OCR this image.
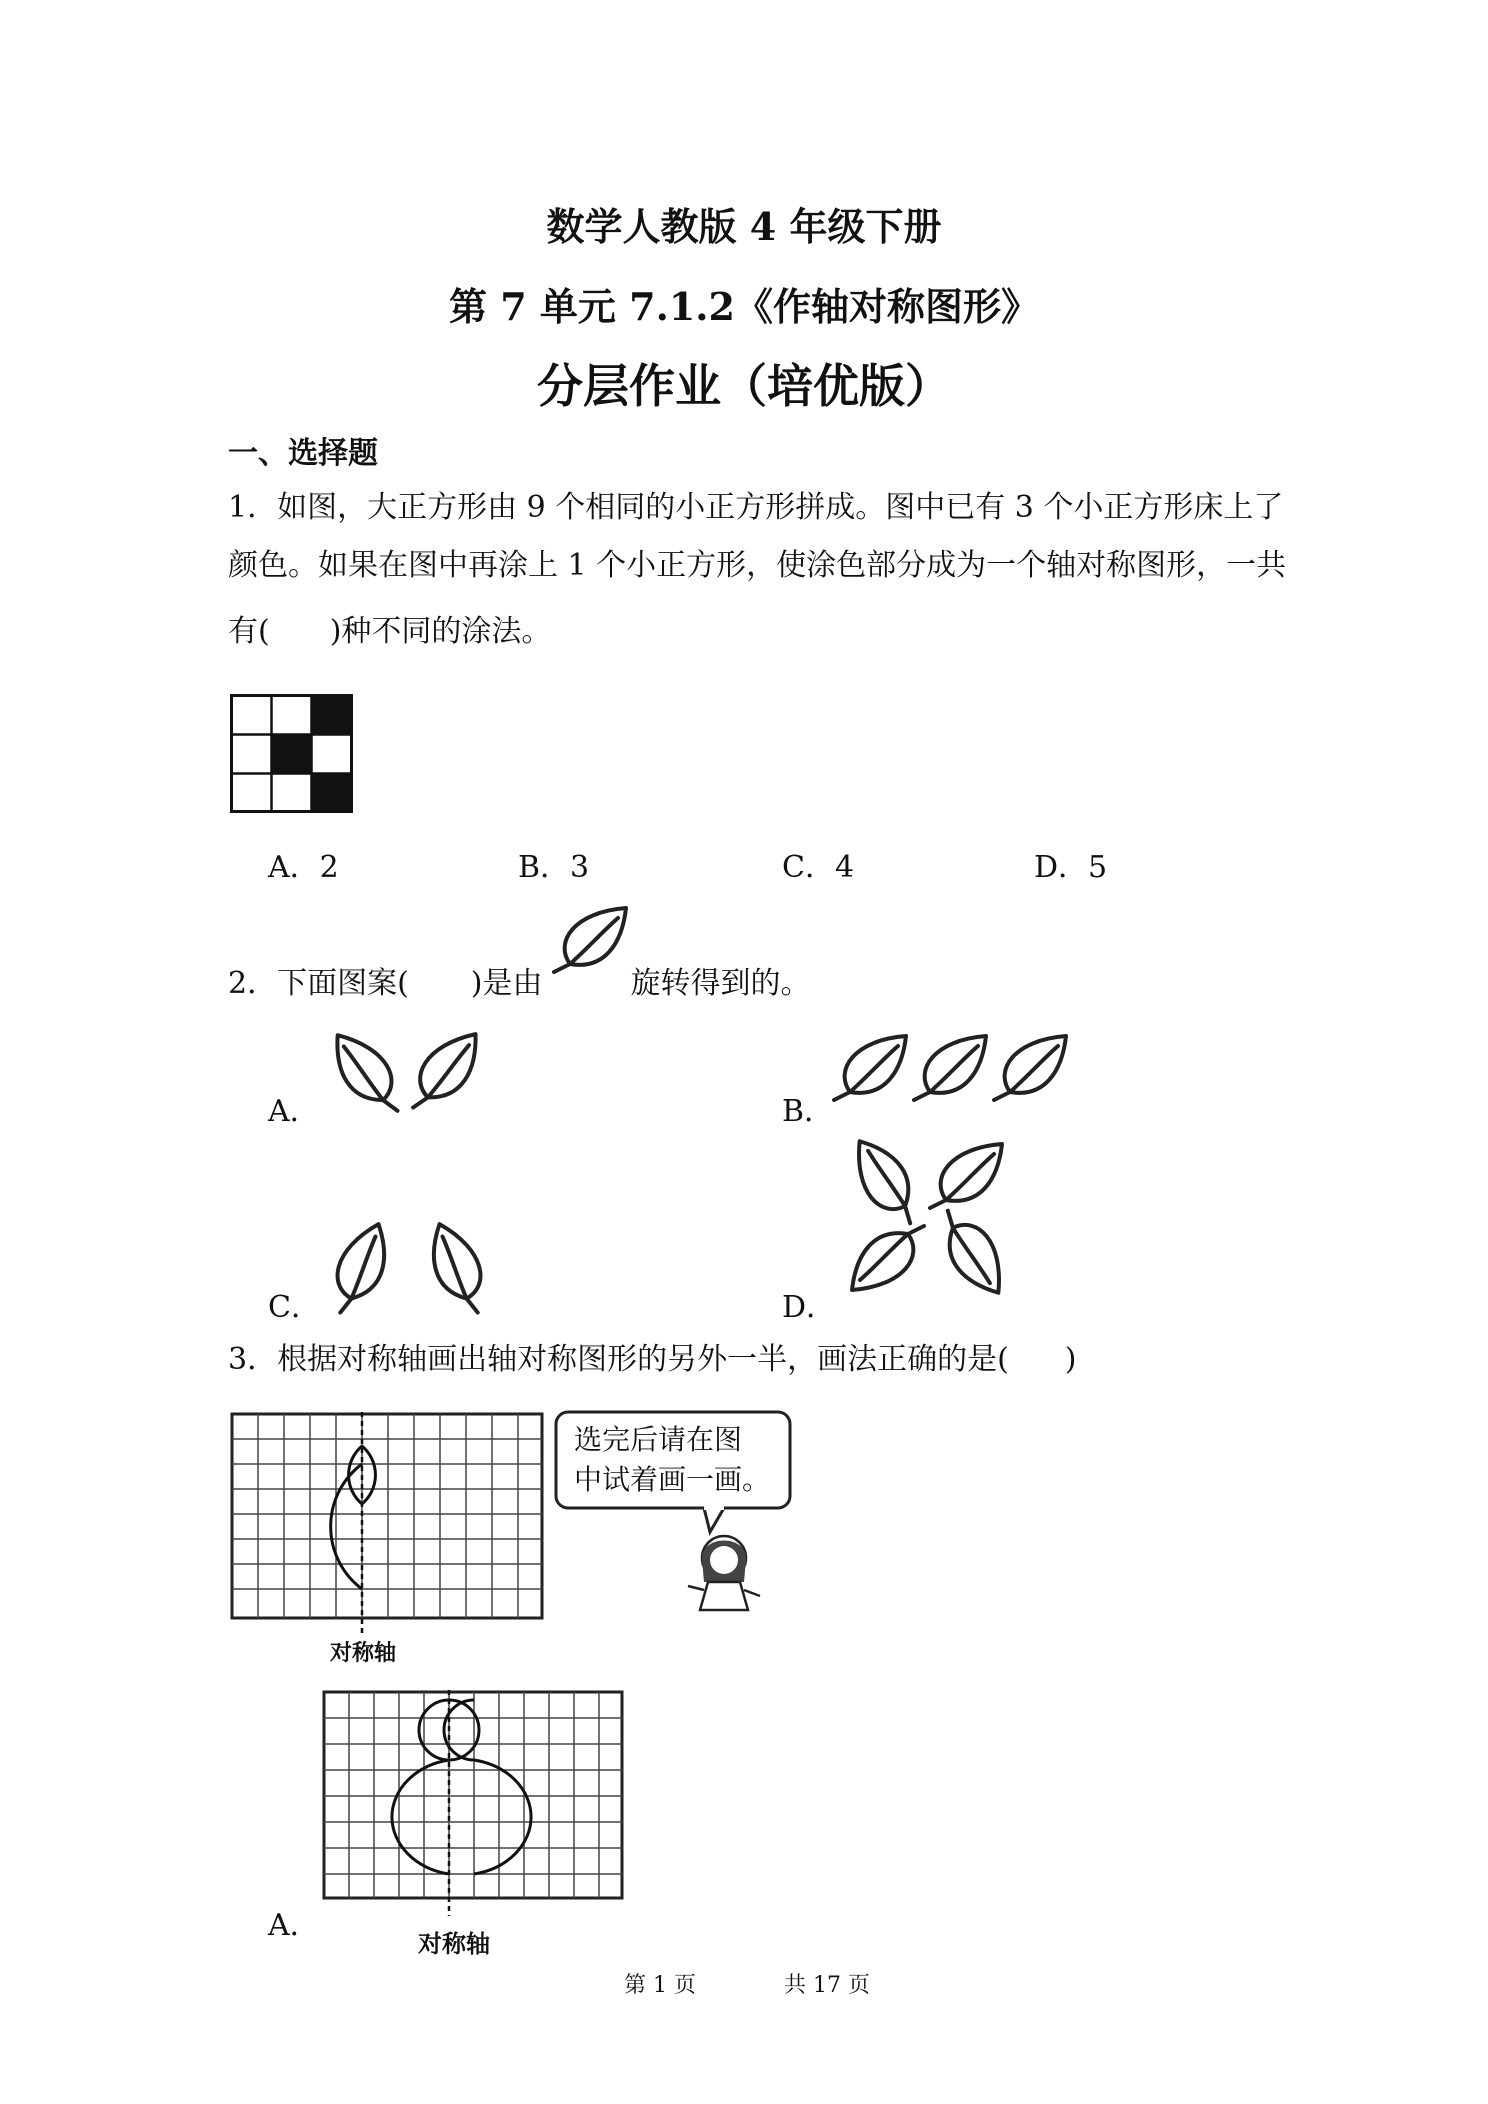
数学人教版 4 年级下册
第 7 单元 7.1.2《作轴对称图形》
分层作业（培优版）
一、选择题
1．如图，大正方形由 9 个相同的小正方形拼成。图中已有 3 个小正方形床上了
颜色。如果在图中再涂上 1 个小正方形，使涂色部分成为一个轴对称图形，一共
有( )种不同的涂法。
A．2	B．3	C．4	D．5
2．下面图案( )是由	旋转得到的。
A．	B．
C．	D．
3．根据对称轴画出轴对称图形的另外一半，画法正确的是( )
对称轴
选完后请在图
中试着画一画。
对称轴
A．
第 1 页	共 17 页
